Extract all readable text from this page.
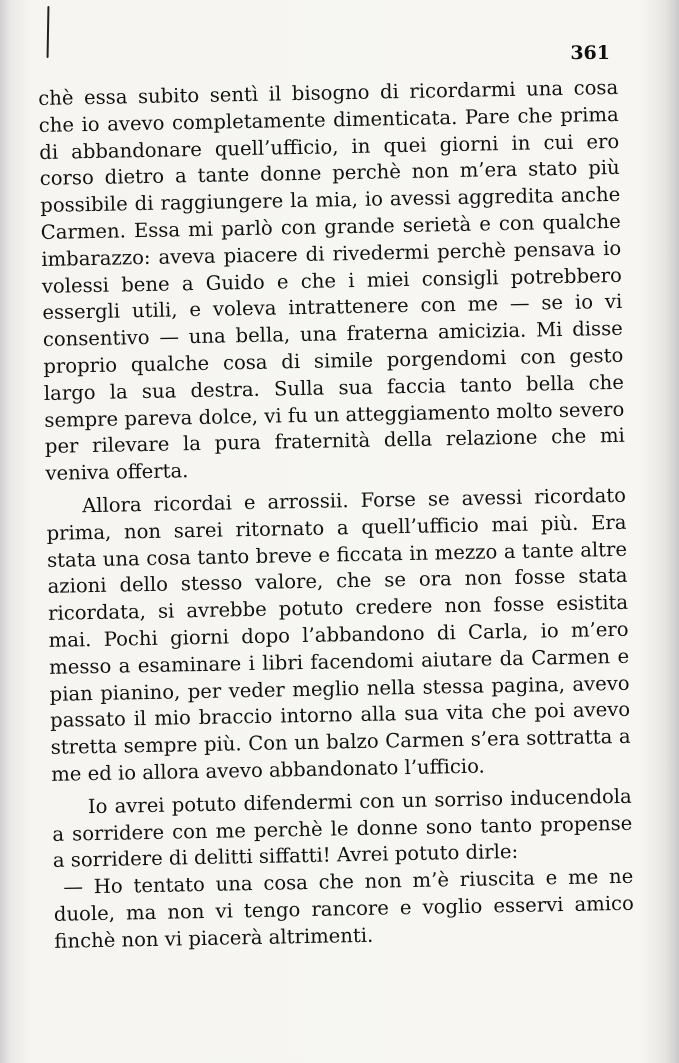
361

chè essa subito sentì il bisogno di ricordarmi una cosa che io avevo completamente dimenticata. Pare che prima di abbandonare quell’ufficio, in quei giorni in cui ero corso dietro a tante donne perchè non m’era stato più possibile di raggiungere la mia, io avessi aggredita anche Carmen. Essa mi parlò con grande serietà e con qualche imbarazzo: aveva piacere di rivedermi perchè pensava io volessi bene a Guido e che i miei consigli potrebbero essergli utili, e voleva intrattenere con me — se io vi consentivo — una bella, una fraterna amicizia. Mi disse proprio qualche cosa di simile porgendomi con gesto largo la sua destra. Sulla sua faccia tanto bella che sempre pareva dolce, vi fu un atteggiamento molto severo per rilevare la pura fraternità della relazione che mi veniva offerta.

Allora ricordai e arrossii. Forse se avessi ricordato prima, non sarei ritornato a quell’ufficio mai più. Era stata una cosa tanto breve e ficcata in mezzo a tante altre azioni dello stesso valore, che se ora non fosse stata ricordata, si avrebbe potuto credere non fosse esistita mai. Pochi giorni dopo l’abbandono di Carla, io m’ero messo a esaminare i libri facendomi aiutare da Carmen e pian pianino, per veder meglio nella stessa pagina, avevo passato il mio braccio intorno alla sua vita che poi avevo stretta sempre più. Con un balzo Carmen s’era sottratta a me ed io allora avevo abbandonato l’ufficio.

Io avrei potuto difendermi con un sorriso inducendola a sorridere con me perchè le donne sono tanto propense a sorridere di delitti siffatti! Avrei potuto dirle:

— Ho tentato una cosa che non m’è riuscita e me ne duole, ma non vi tengo rancore e voglio esservi amico finchè non vi piacerà altrimenti.
